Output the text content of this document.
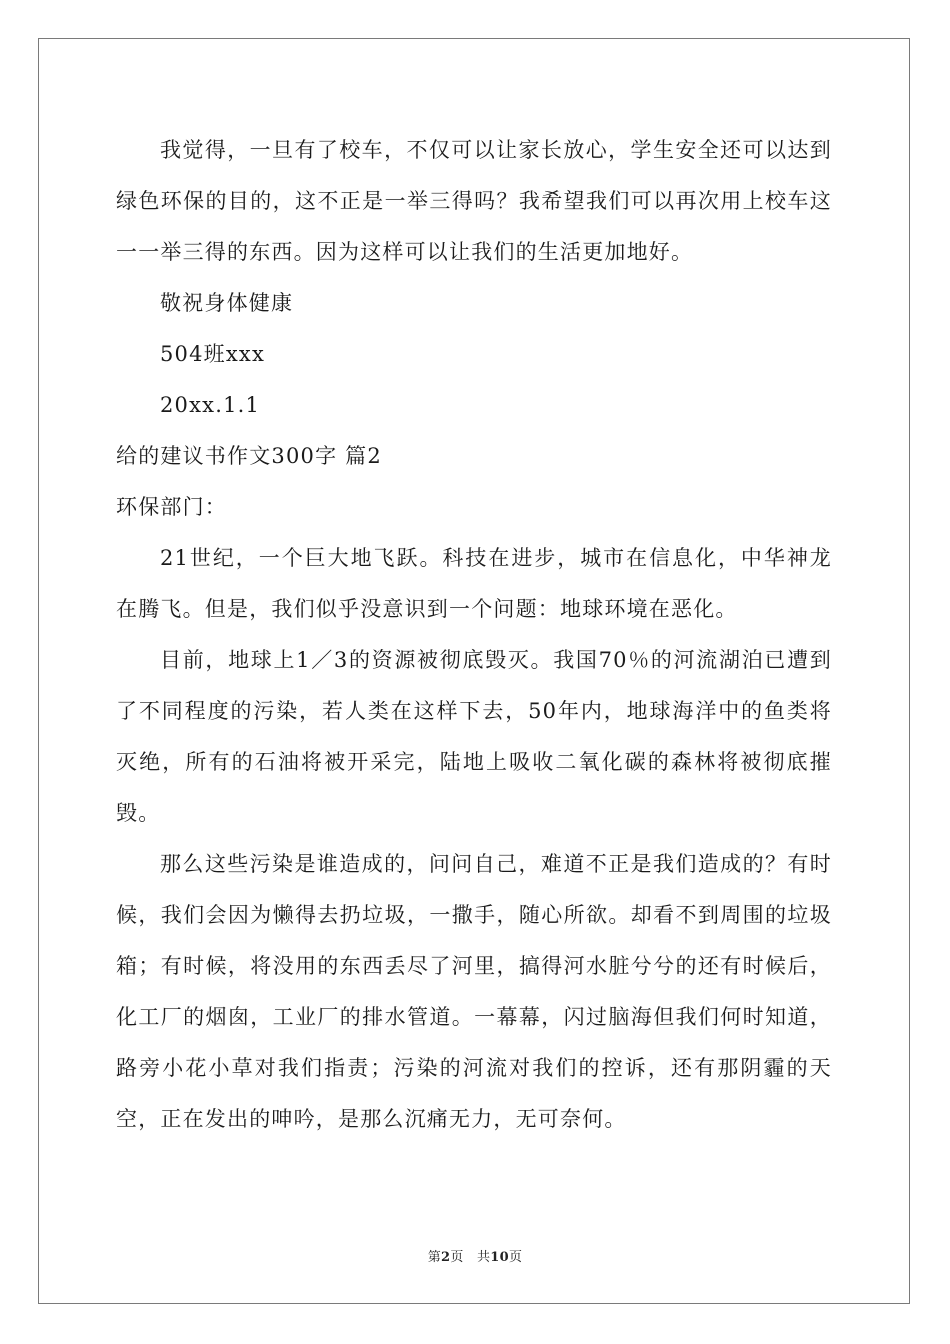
我觉得，一旦有了校车，不仅可以让家长放心，学生安全还可以达到绿色环保的目的，这不正是一举三得吗？我希望我们可以再次用上校车这一一举三得的东西。因为这样可以让我们的生活更加地好。

敬祝身体健康

504班xxx

20xx.1.1

给的建议书作文300字 篇2

环保部门：

21世纪，一个巨大地飞跃。科技在进步，城市在信息化，中华神龙在腾飞。但是，我们似乎没意识到一个问题：地球环境在恶化。

目前，地球上1／3的资源被彻底毁灭。我国70％的河流湖泊已遭到了不同程度的污染，若人类在这样下去，50年内，地球海洋中的鱼类将灭绝，所有的石油将被开采完，陆地上吸收二氧化碳的森林将被彻底摧毁。

那么这些污染是谁造成的，问问自己，难道不正是我们造成的？有时候，我们会因为懒得去扔垃圾，一撒手，随心所欲。却看不到周围的垃圾箱；有时候，将没用的东西丢尽了河里，搞得河水脏兮兮的还有时候后，化工厂的烟囱，工业厂的排水管道。一幕幕，闪过脑海但我们何时知道，路旁小花小草对我们指责；污染的河流对我们的控诉，还有那阴霾的天空，正在发出的呻吟，是那么沉痛无力，无可奈何。

第2页　共10页
